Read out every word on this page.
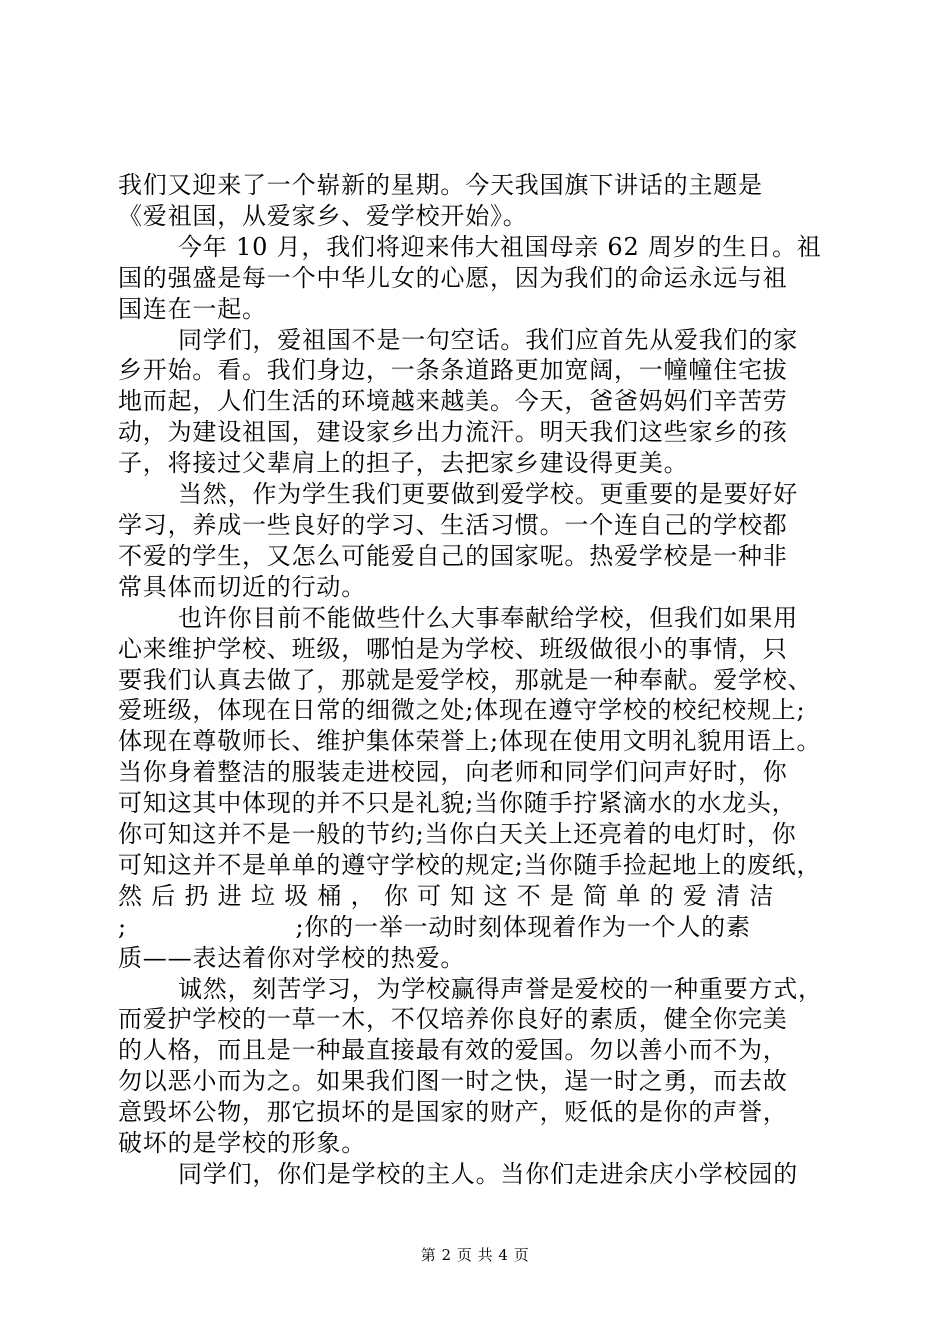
我们又迎来了一个崭新的星期。今天我国旗下讲话的主题是
《爱祖国，从爱家乡、爱学校开始》。
今年 10 月，我们将迎来伟大祖国母亲 62 周岁的生日。祖
国的强盛是每一个中华儿女的心愿，因为我们的命运永远与祖
国连在一起。
同学们，爱祖国不是一句空话。我们应首先从爱我们的家
乡开始。看。我们身边，一条条道路更加宽阔，一幢幢住宅拔
地而起，人们生活的环境越来越美。今天，爸爸妈妈们辛苦劳
动，为建设祖国，建设家乡出力流汗。明天我们这些家乡的孩
子，将接过父辈肩上的担子，去把家乡建设得更美。
当然，作为学生我们更要做到爱学校。更重要的是要好好
学习，养成一些良好的学习、生活习惯。一个连自己的学校都
不爱的学生，又怎么可能爱自己的国家呢。热爱学校是一种非
常具体而切近的行动。
也许你目前不能做些什么大事奉献给学校，但我们如果用
心来维护学校、班级，哪怕是为学校、班级做很小的事情，只
要我们认真去做了，那就是爱学校，那就是一种奉献。爱学校、
爱班级，体现在日常的细微之处;体现在遵守学校的校纪校规上;
体现在尊敬师长、维护集体荣誉上;体现在使用文明礼貌用语上。
当你身着整洁的服装走进校园，向老师和同学们问声好时，你
可知这其中体现的并不只是礼貌;当你随手拧紧滴水的水龙头，
你可知这并不是一般的节约;当你白天关上还亮着的电灯时，你
可知这并不是单单的遵守学校的规定;当你随手捡起地上的废纸，
然 后 扔 进 垃 圾 桶 ， 你 可 知 这 不 是 简 单 的 爱 清 洁
;                    ;你的一举一动时刻体现着作为一个人的素
质——表达着你对学校的热爱。
诚然，刻苦学习，为学校赢得声誉是爱校的一种重要方式，
而爱护学校的一草一木，不仅培养你良好的素质，健全你完美
的人格，而且是一种最直接最有效的爱国。勿以善小而不为，
勿以恶小而为之。如果我们图一时之快，逞一时之勇，而去故
意毁坏公物，那它损坏的是国家的财产，贬低的是你的声誉，
破坏的是学校的形象。
同学们，你们是学校的主人。当你们走进余庆小学校园的
第 2 页 共 4 页
